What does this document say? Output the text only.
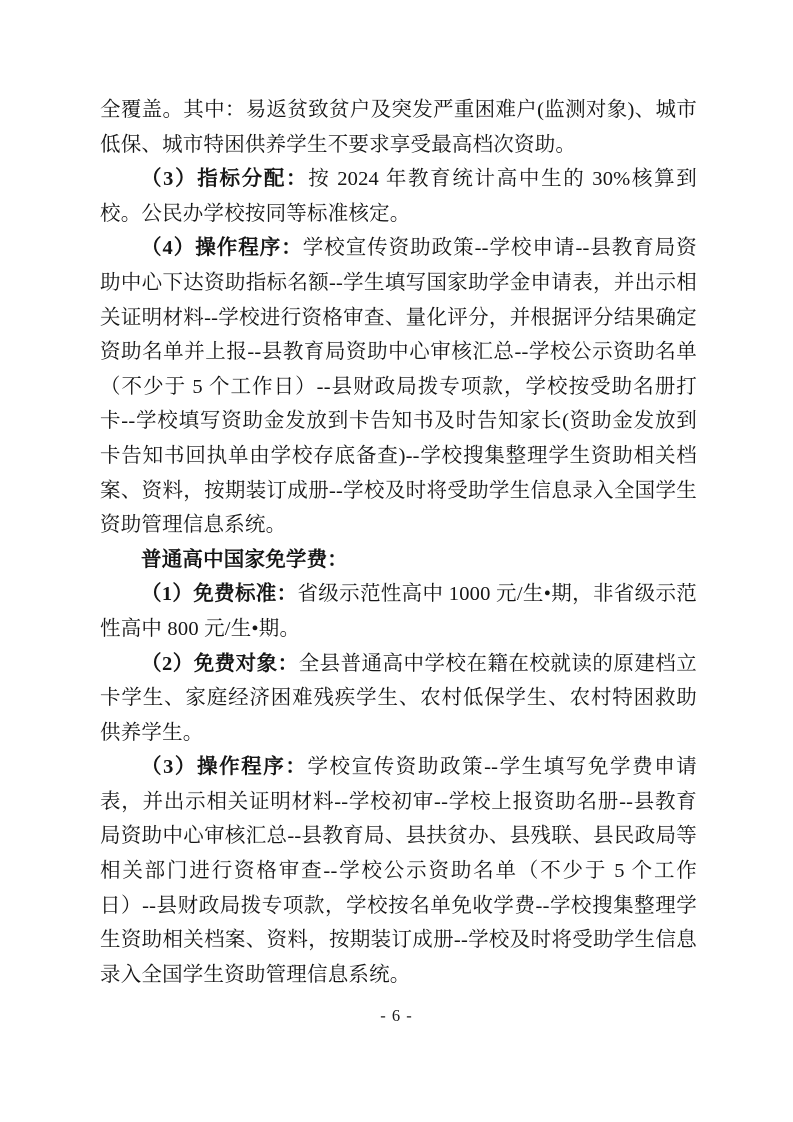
全覆盖。其中：易返贫致贫户及突发严重困难户(监测对象)、城市低保、城市特困供养学生不要求享受最高档次资助。

（3）指标分配：按 2024 年教育统计高中生的 30%核算到校。公民办学校按同等标准核定。

（4）操作程序：学校宣传资助政策--学校申请--县教育局资助中心下达资助指标名额--学生填写国家助学金申请表，并出示相关证明材料--学校进行资格审查、量化评分，并根据评分结果确定资助名单并上报--县教育局资助中心审核汇总--学校公示资助名单（不少于 5 个工作日）--县财政局拨专项款，学校按受助名册打卡--学校填写资助金发放到卡告知书及时告知家长(资助金发放到卡告知书回执单由学校存底备查)--学校搜集整理学生资助相关档案、资料，按期装订成册--学校及时将受助学生信息录入全国学生资助管理信息系统。

普通高中国家免学费：

（1）免费标准：省级示范性高中 1000 元/生•期，非省级示范性高中 800 元/生•期。

（2）免费对象：全县普通高中学校在籍在校就读的原建档立卡学生、家庭经济困难残疾学生、农村低保学生、农村特困救助供养学生。

（3）操作程序：学校宣传资助政策--学生填写免学费申请表，并出示相关证明材料--学校初审--学校上报资助名册--县教育局资助中心审核汇总--县教育局、县扶贫办、县残联、县民政局等相关部门进行资格审查--学校公示资助名单（不少于 5 个工作日）--县财政局拨专项款，学校按名单免收学费--学校搜集整理学生资助相关档案、资料，按期装订成册--学校及时将受助学生信息录入全国学生资助管理信息系统。

- 6 -
